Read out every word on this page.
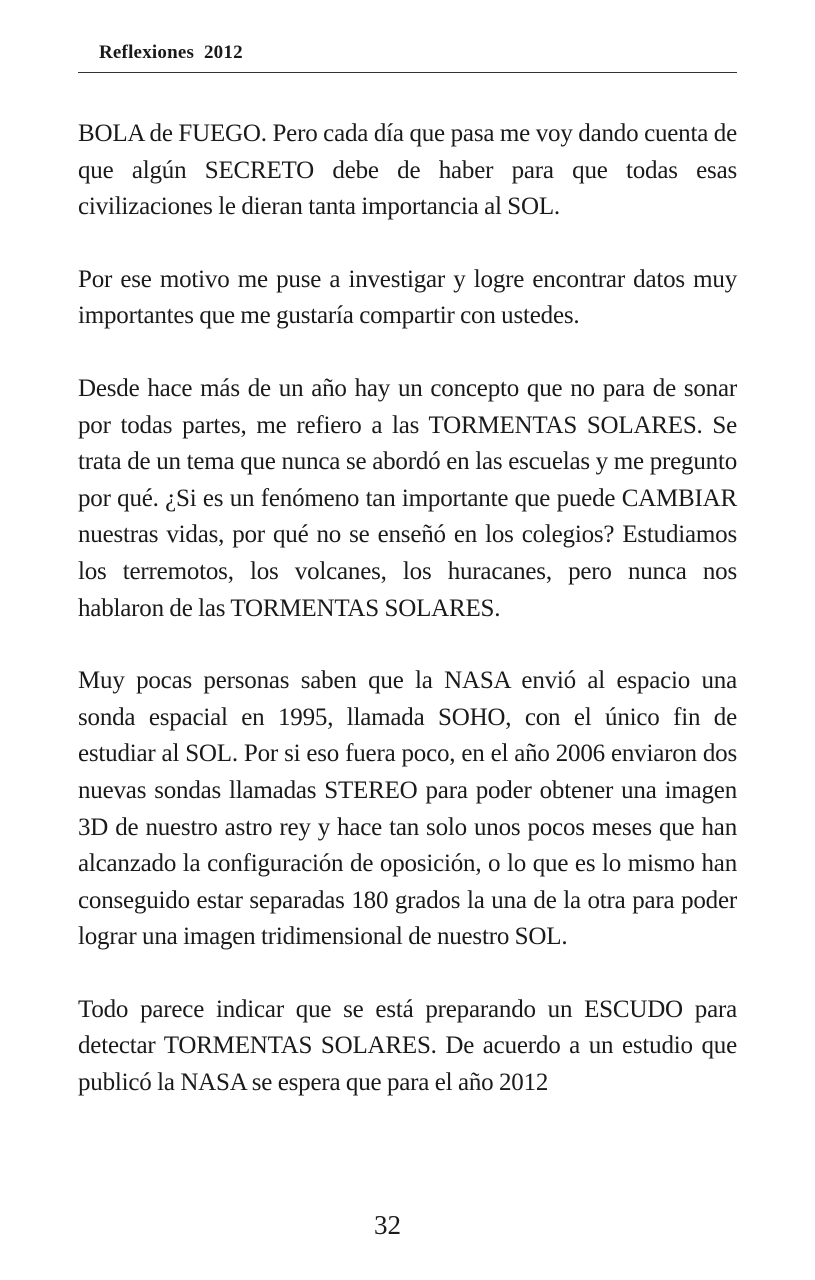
Reflexiones  2012

BOLA de FUEGO. Pero cada día que pasa me voy dando cuenta de que algún SECRETO debe de haber para que todas esas civilizaciones le dieran tanta importancia al SOL.

Por ese motivo me puse a investigar y logre encontrar datos muy importantes que me gustaría compartir con ustedes.

Desde hace más de un año hay un concepto que no para de sonar por todas partes, me refiero a las TORMENTAS SOLARES. Se trata de un tema que nunca se abordó en las escuelas y me pregunto por qué. ¿Si es un fenómeno tan importante que puede CAMBIAR nuestras vidas, por qué no se enseñó en los colegios? Estudiamos los terremotos, los volcanes, los huracanes, pero nunca nos hablaron de las TORMENTAS SOLARES.

Muy pocas personas saben que la NASA envió al espacio una sonda espacial en 1995, llamada SOHO, con el único fin de estudiar al SOL. Por si eso fuera poco, en el año 2006 enviaron dos nuevas sondas llamadas STEREO para poder obtener una imagen 3D de nuestro astro rey y hace tan solo unos pocos meses que han alcanzado la configuración de oposición, o lo que es lo mismo han conseguido estar separadas 180 grados la una de la otra para poder lograr una imagen tridimensional de nuestro SOL.

Todo parece indicar que se está preparando un ESCUDO para detectar TORMENTAS SOLARES. De acuerdo a un estudio que publicó la NASA se espera que para el año 2012

32
